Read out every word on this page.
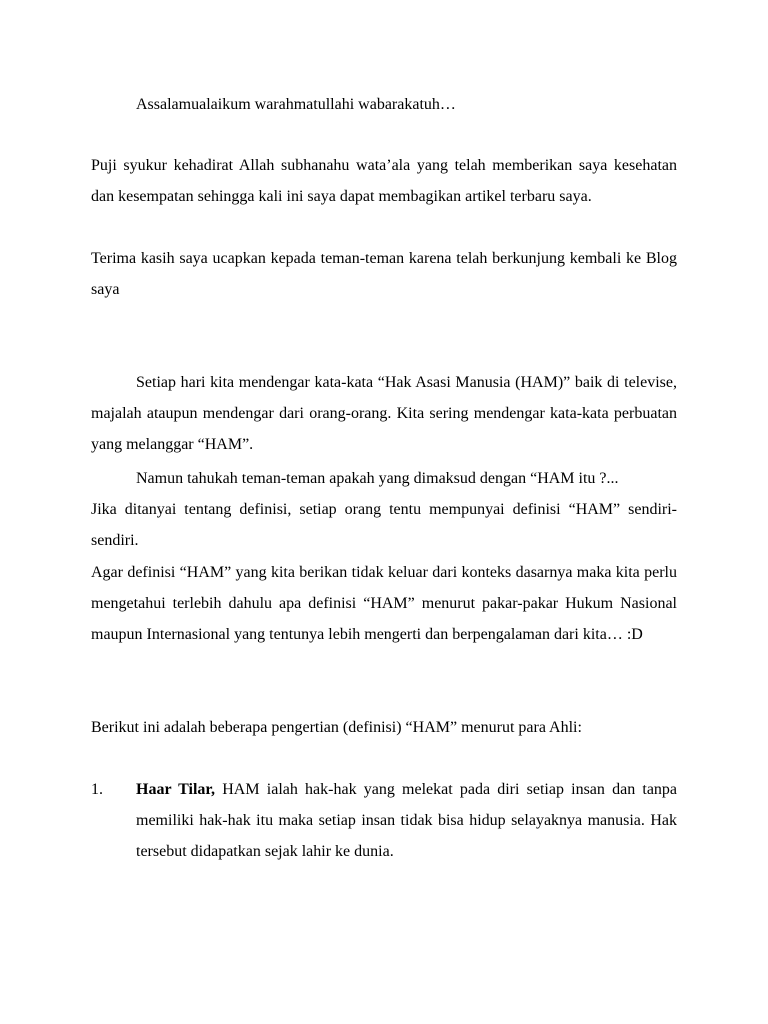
Assalamualaikum warahmatullahi wabarakatuh…

Puji syukur kehadirat Allah subhanahu wata’ala yang telah memberikan saya kesehatan dan kesempatan sehingga kali ini saya dapat membagikan artikel terbaru saya.

Terima kasih saya ucapkan kepada teman-teman karena telah berkunjung kembali ke Blog saya

Setiap hari kita mendengar kata-kata “Hak Asasi Manusia (HAM)” baik di televise, majalah ataupun mendengar dari orang-orang. Kita sering mendengar kata-kata perbuatan yang melanggar “HAM”.

Namun tahukah teman-teman apakah yang dimaksud dengan “HAM itu ?...

Jika ditanyai tentang definisi, setiap orang tentu mempunyai definisi “HAM” sendiri-sendiri.

Agar definisi “HAM” yang kita berikan tidak keluar dari konteks dasarnya maka kita perlu mengetahui terlebih dahulu apa definisi “HAM” menurut pakar-pakar Hukum Nasional maupun Internasional yang tentunya lebih mengerti dan berpengalaman dari kita… :D

Berikut ini adalah beberapa pengertian (definisi) “HAM” menurut para Ahli:

1. Haar Tilar, HAM ialah hak-hak yang melekat pada diri setiap insan dan tanpa memiliki hak-hak itu maka setiap insan tidak bisa hidup selayaknya manusia. Hak tersebut didapatkan sejak lahir ke dunia.
